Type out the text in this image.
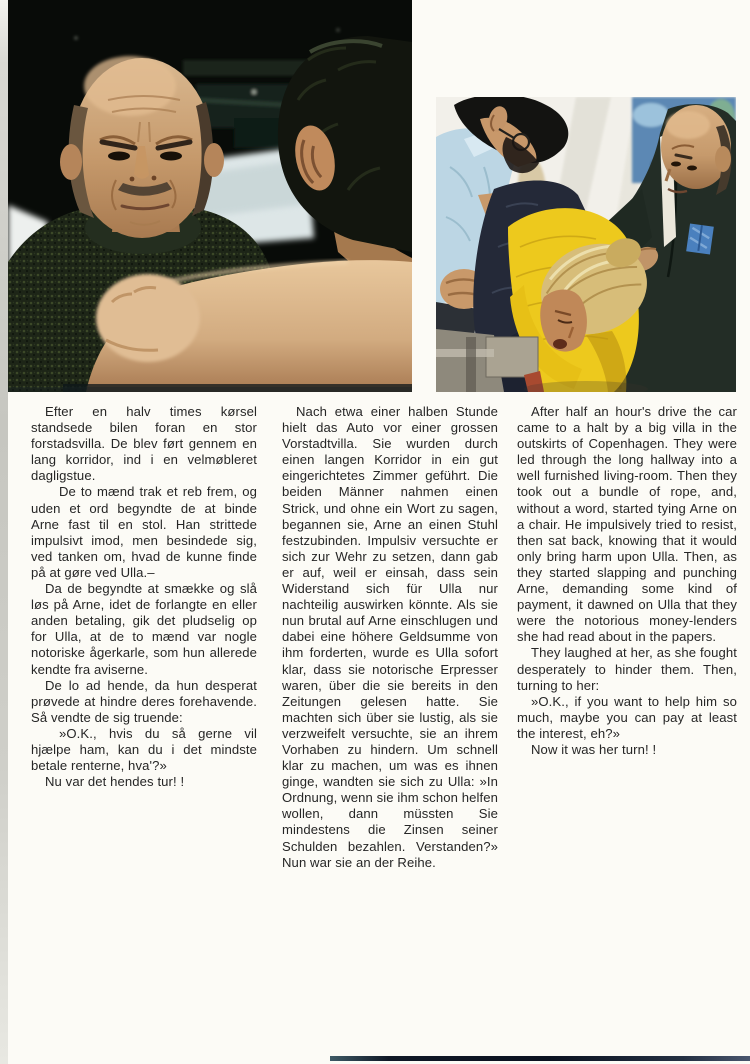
Efter en halv times kørsel standsede bilen foran en stor forstadsvilla. De blev ført gennem en lang korridor, ind i en velmøbleret dagligstue.

De to mænd trak et reb frem, og uden et ord begyndte de at binde Arne fast til en stol. Han strittede impulsivt imod, men besindede sig, ved tanken om, hvad de kunne finde på at gøre ved Ulla.–

Da de begyndte at smække og slå løs på Arne, idet de forlangte en eller anden betaling, gik det pludselig op for Ulla, at de to mænd var nogle notoriske ågerkarle, som hun allerede kendte fra aviserne.

De lo ad hende, da hun desperat prøvede at hindre deres forehavende. Så vendte de sig truende:

»O.K., hvis du så gerne vil hjælpe ham, kan du i det mindste betale renterne, hva'?»

Nu var det hendes tur! !

Nach etwa einer halben Stunde hielt das Auto vor einer grossen Vorstadtvilla. Sie wurden durch einen langen Korridor in ein gut eingerichtetes Zimmer geführt. Die beiden Männer nahmen einen Strick, und ohne ein Wort zu sagen, begannen sie, Arne an einen Stuhl festzubinden. Impulsiv versuchte er sich zur Wehr zu setzen, dann gab er auf, weil er einsah, dass sein Widerstand sich für Ulla nur nachteilig auswirken könnte. Als sie nun brutal auf Arne einschlugen und dabei eine höhere Geldsumme von ihm forderten, wurde es Ulla sofort klar, dass sie notorische Erpresser waren, über die sie bereits in den Zeitungen gelesen hatte. Sie machten sich über sie lustig, als sie verzweifelt versuchte, sie an ihrem Vorhaben zu hindern. Um schnell klar zu machen, um was es ihnen ginge, wandten sie sich zu Ulla: »In Ordnung, wenn sie ihm schon helfen wollen, dann müssten Sie mindestens die Zinsen seiner Schulden bezahlen. Verstanden?» Nun war sie an der Reihe.

After half an hour's drive the car came to a halt by a big villa in the outskirts of Copenhagen. They were led through the long hallway into a well furnished living-room. Then they took out a bundle of rope, and, without a word, started tying Arne on a chair. He impulsively tried to resist, then sat back, knowing that it would only bring harm upon Ulla. Then, as they started slapping and punching Arne, demanding some kind of payment, it dawned on Ulla that they were the notorious money-lenders she had read about in the papers.

They laughed at her, as she fought desperately to hinder them. Then, turning to her:

»O.K., if you want to help him so much, maybe you can pay at least the interest, eh?»

Now it was her turn! !
